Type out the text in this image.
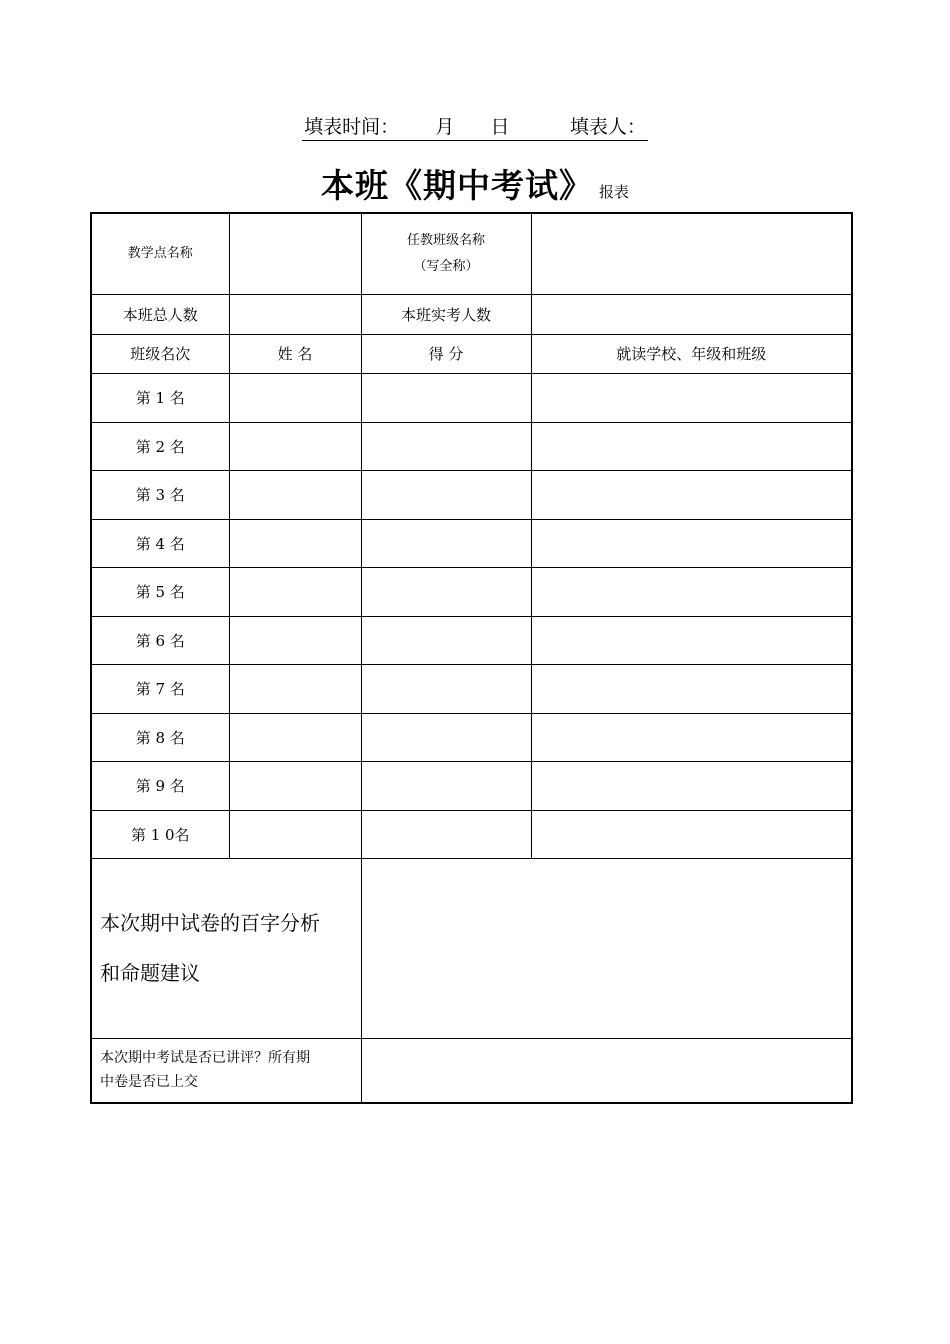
填表时间：      月      日          填表人：
本班《期中考试》 报表
教学点名称		任教班级名称
（写全称）	

本班总人数		本班实考人数	
班级名次	姓 名	得 分	就读学校、年级和班级
第 1 名			
第 2 名			
第 3 名			
第 4 名			
第 5 名			
第 6 名			
第 7 名			
第 8 名			
第 9 名			
第 1 0名			

本次期中试卷的百字分析
和命题建议			

本次期中考试是否已讲评？所有期
中卷是否已上交			
